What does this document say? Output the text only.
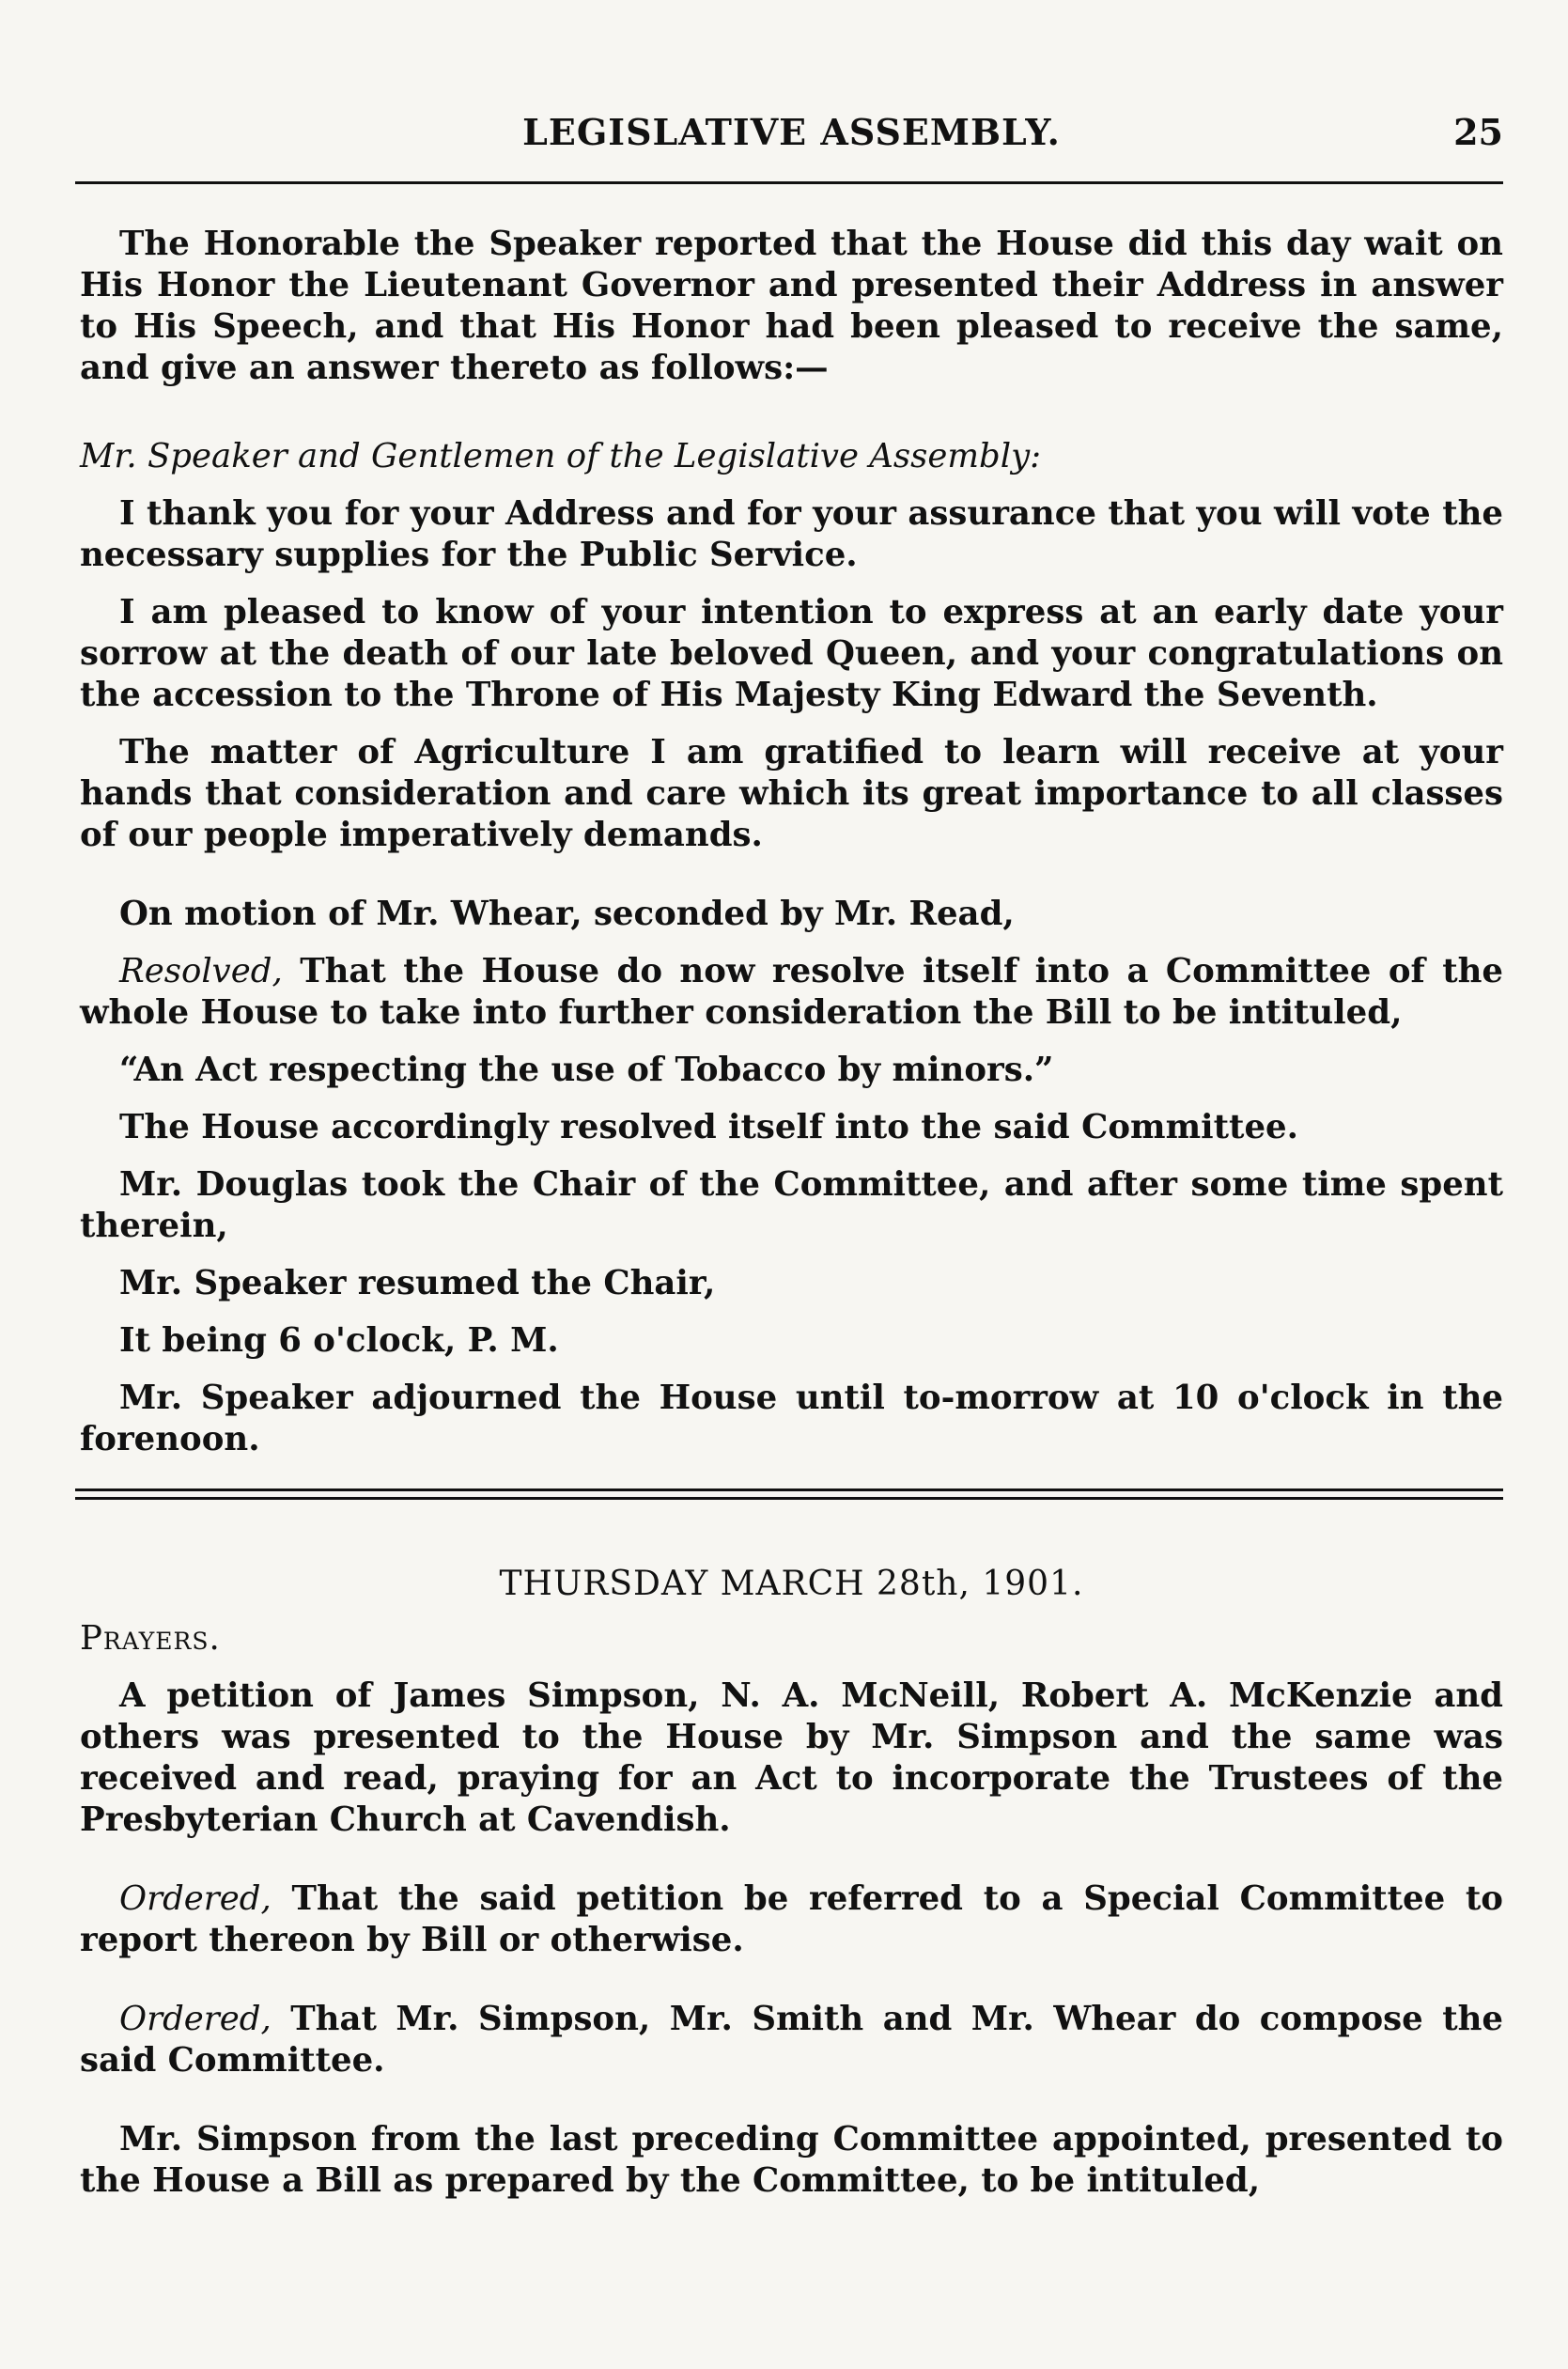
LEGISLATIVE ASSEMBLY.	25

The Honorable the Speaker reported that the House did this day wait on His Honor the Lieutenant Governor and presented their Address in answer to His Speech, and that His Honor had been pleased to receive the same, and give an answer thereto as follows:—

Mr. Speaker and Gentlemen of the Legislative Assembly:

I thank you for your Address and for your assurance that you will vote the necessary supplies for the Public Service.

I am pleased to know of your intention to express at an early date your sorrow at the death of our late beloved Queen, and your congratulations on the accession to the Throne of His Majesty King Edward the Seventh.

The matter of Agriculture I am gratified to learn will receive at your hands that consideration and care which its great importance to all classes of our people imperatively demands.

On motion of Mr. Whear, seconded by Mr. Read,

Resolved, That the House do now resolve itself into a Committee of the whole House to take into further consideration the Bill to be intituled,

“An Act respecting the use of Tobacco by minors.”

The House accordingly resolved itself into the said Committee.

Mr. Douglas took the Chair of the Committee, and after some time spent therein,

Mr. Speaker resumed the Chair,

It being 6 o'clock, P. M.

Mr. Speaker adjourned the House until to-morrow at 10 o'clock in the forenoon.

THURSDAY MARCH 28th, 1901.

Prayers.

A petition of James Simpson, N. A. McNeill, Robert A. McKenzie and others was presented to the House by Mr. Simpson and the same was received and read, praying for an Act to incorporate the Trustees of the Presbyterian Church at Cavendish.

Ordered, That the said petition be referred to a Special Committee to report thereon by Bill or otherwise.

Ordered, That Mr. Simpson, Mr. Smith and Mr. Whear do compose the said Committee.

Mr. Simpson from the last preceding Committee appointed, presented to the House a Bill as prepared by the Committee, to be intituled,
